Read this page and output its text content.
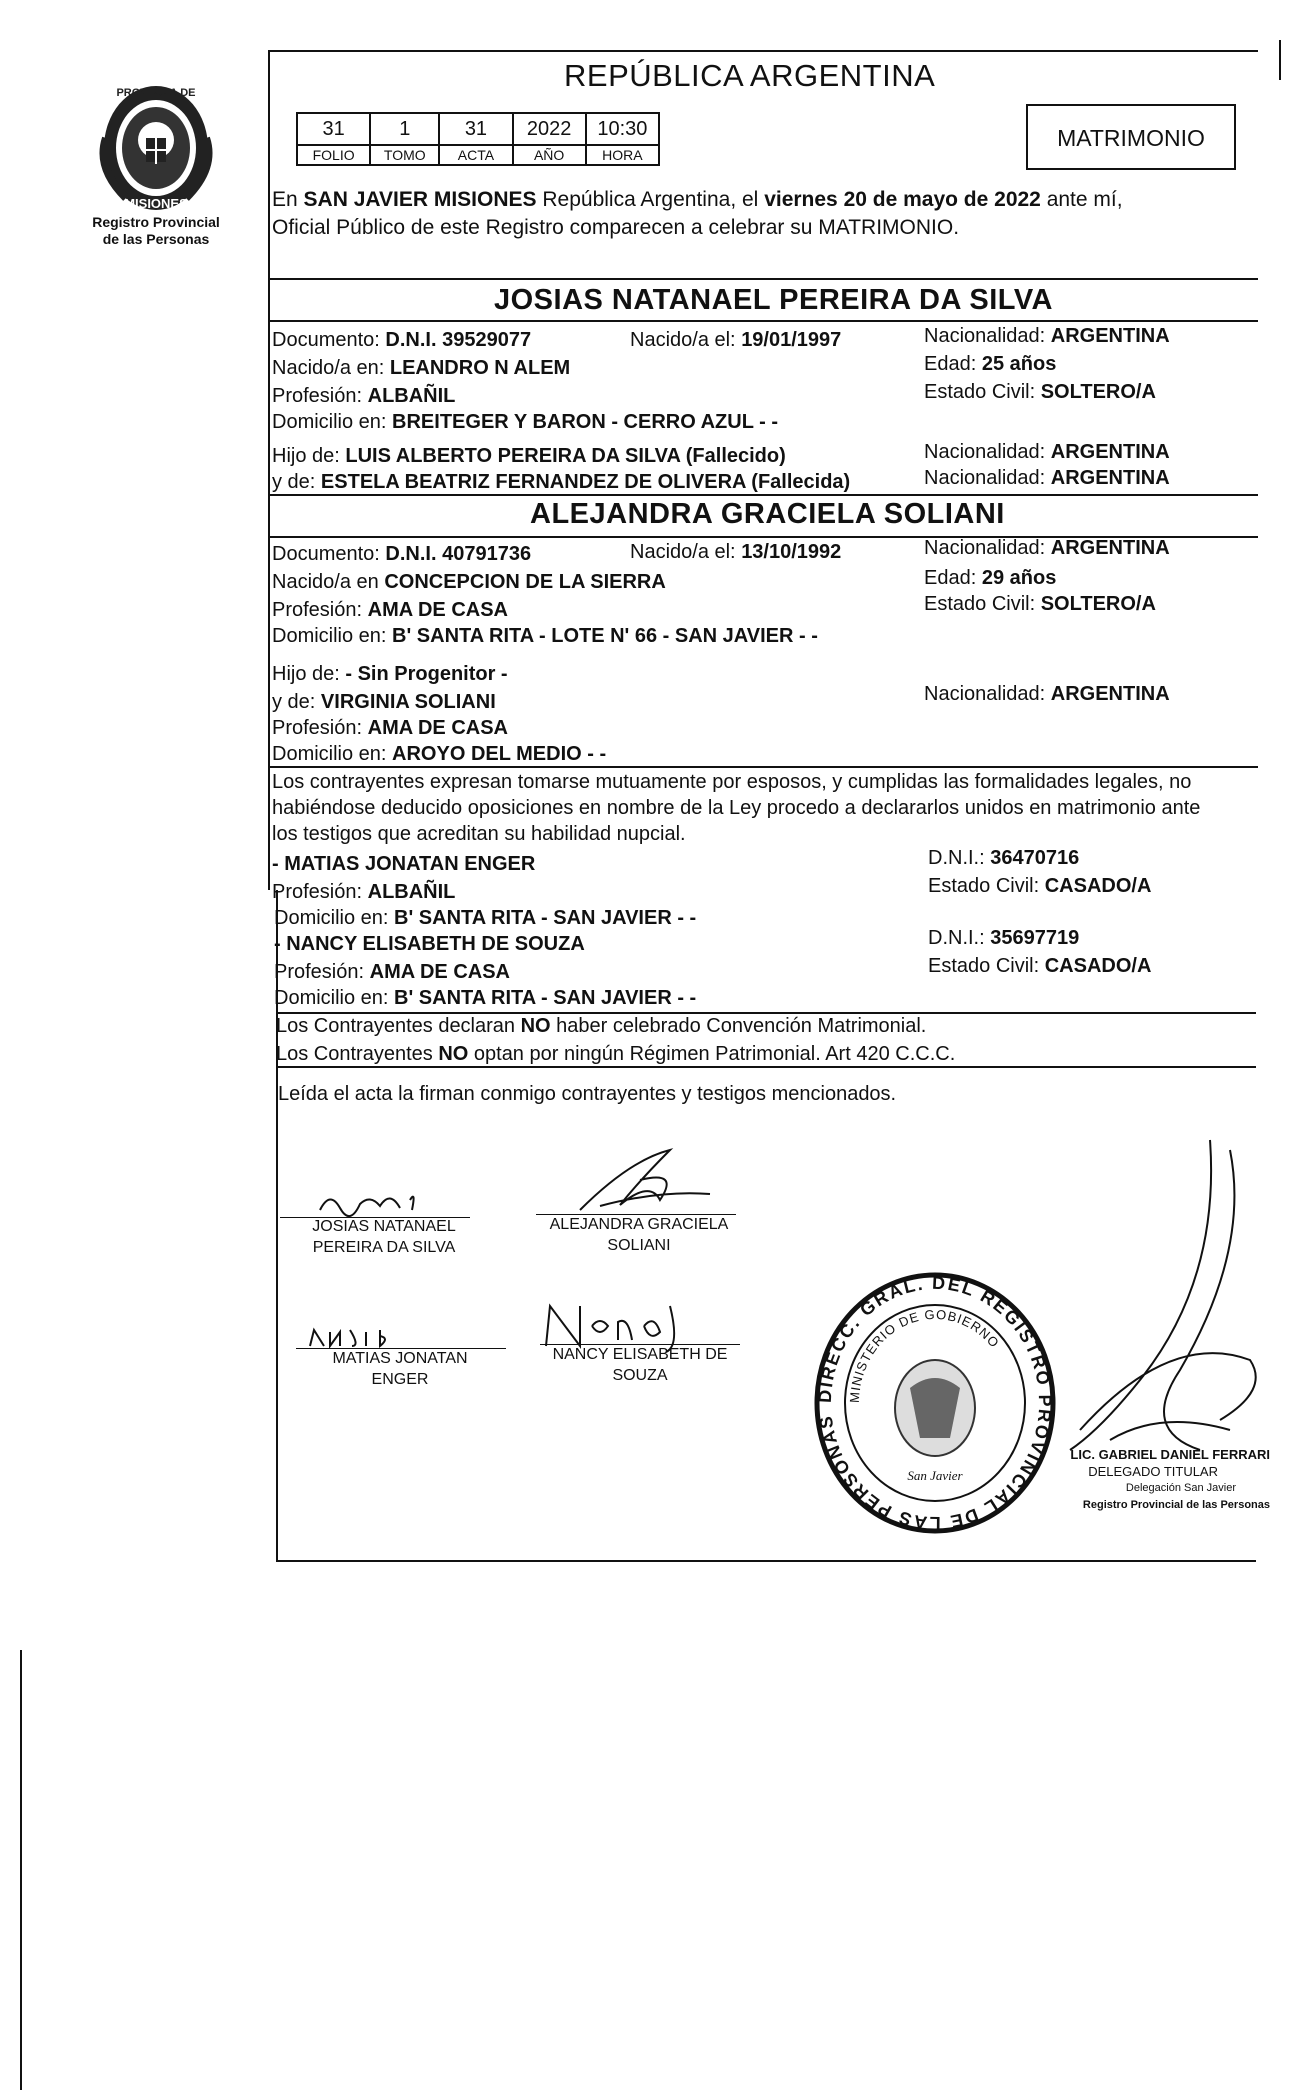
PROVINCIA DE
MISIONES
Registro Provincial
de las Personas
REPÚBLICA ARGENTINA
31	1	31	2022	10:30
FOLIO	TOMO	ACTA	AÑO	HORA
MATRIMONIO
En SAN JAVIER MISIONES República Argentina, el viernes 20 de mayo de 2022 ante mí,
Oficial Público de este Registro comparecen a celebrar su MATRIMONIO.
JOSIAS NATANAEL PEREIRA DA SILVA
Documento: D.N.I. 39529077	Nacido/a el: 19/01/1997	Nacionalidad: ARGENTINA
Nacido/a en: LEANDRO N ALEM	Edad: 25 años
Profesión: ALBAÑIL	Estado Civil: SOLTERO/A
Domicilio en: BREITEGER Y BARON - CERRO AZUL - -
Hijo de: LUIS ALBERTO PEREIRA DA SILVA (Fallecido)	Nacionalidad: ARGENTINA
y de: ESTELA BEATRIZ FERNANDEZ DE OLIVERA (Fallecida)	Nacionalidad: ARGENTINA
ALEJANDRA GRACIELA SOLIANI
Documento: D.N.I. 40791736	Nacido/a el: 13/10/1992	Nacionalidad: ARGENTINA
Nacido/a en CONCEPCION DE LA SIERRA	Edad: 29 años
Profesión: AMA DE CASA	Estado Civil: SOLTERO/A
Domicilio en: B' SANTA RITA - LOTE N' 66 - SAN JAVIER - -
Hijo de: - Sin Progenitor -
y de: VIRGINIA SOLIANI	Nacionalidad: ARGENTINA
Profesión: AMA DE CASA
Domicilio en: AROYO DEL MEDIO - -
Los contrayentes expresan tomarse mutuamente por esposos, y cumplidas las formalidades legales, no
habiéndose deducido oposiciones en nombre de la Ley procedo a declararlos unidos en matrimonio ante
los testigos que acreditan su habilidad nupcial.
- MATIAS JONATAN ENGER	D.N.I.: 36470716
Profesión: ALBAÑIL	Estado Civil: CASADO/A
Domicilio en: B' SANTA RITA - SAN JAVIER - -
- NANCY ELISABETH DE SOUZA	D.N.I.: 35697719
Profesión: AMA DE CASA	Estado Civil: CASADO/A
Domicilio en: B' SANTA RITA - SAN JAVIER - -
Los Contrayentes declaran NO haber celebrado Convención Matrimonial.
Los Contrayentes NO optan por ningún Régimen Patrimonial. Art 420 C.C.C.
Leída el acta la firman conmigo contrayentes y testigos mencionados.
JOSIAS NATANAEL
PEREIRA DA SILVA
ALEJANDRA GRACIELA
SOLIANI
MATIAS JONATAN
ENGER
NANCY ELISABETH DE
SOUZA
DIRECC. GRAL. DEL REGISTRO PROVINCIAL DE LAS PERSONAS
MINISTERIO DE GOBIERNO
San Javier
LIC. GABRIEL DANIEL FERRARI
DELEGADO TITULAR
Delegación San Javier
Registro Provincial de las Personas
